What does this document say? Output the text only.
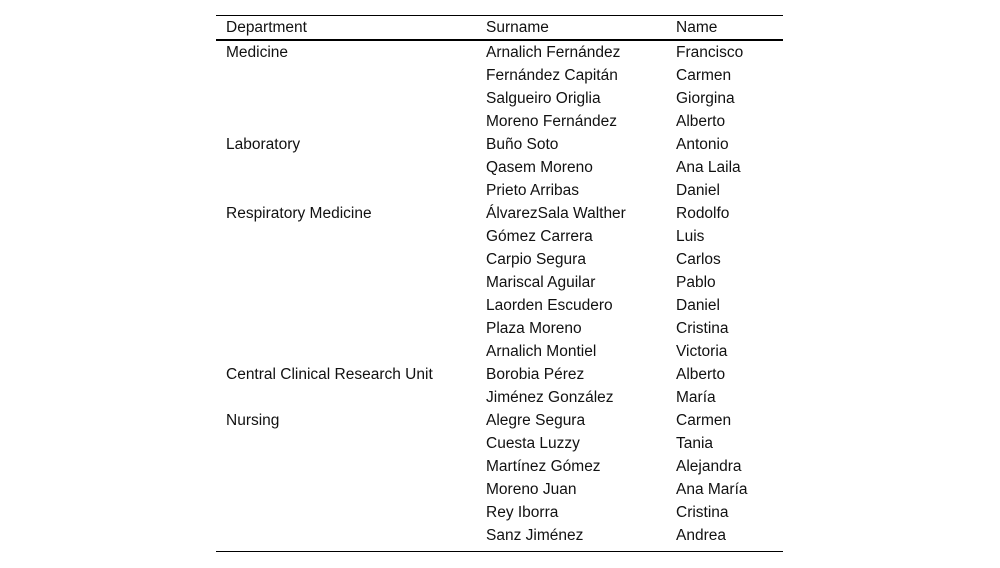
Department	Surname	Name
Medicine	Arnalich Fernández	Francisco
	Fernández Capitán	Carmen
	Salgueiro Origlia	Giorgina
	Moreno Fernández	Alberto
Laboratory	Buño Soto	Antonio
	Qasem Moreno	Ana Laila
	Prieto Arribas	Daniel
Respiratory Medicine	ÁlvarezSala Walther	Rodolfo
	Gómez Carrera	Luis
	Carpio Segura	Carlos
	Mariscal Aguilar	Pablo
	Laorden Escudero	Daniel
	Plaza Moreno	Cristina
	Arnalich Montiel	Victoria
Central Clinical Research Unit	Borobia Pérez	Alberto
	Jiménez González	María
Nursing	Alegre Segura	Carmen
	Cuesta Luzzy	Tania
	Martínez Gómez	Alejandra
	Moreno Juan	Ana María
	Rey Iborra	Cristina
	Sanz Jiménez	Andrea
